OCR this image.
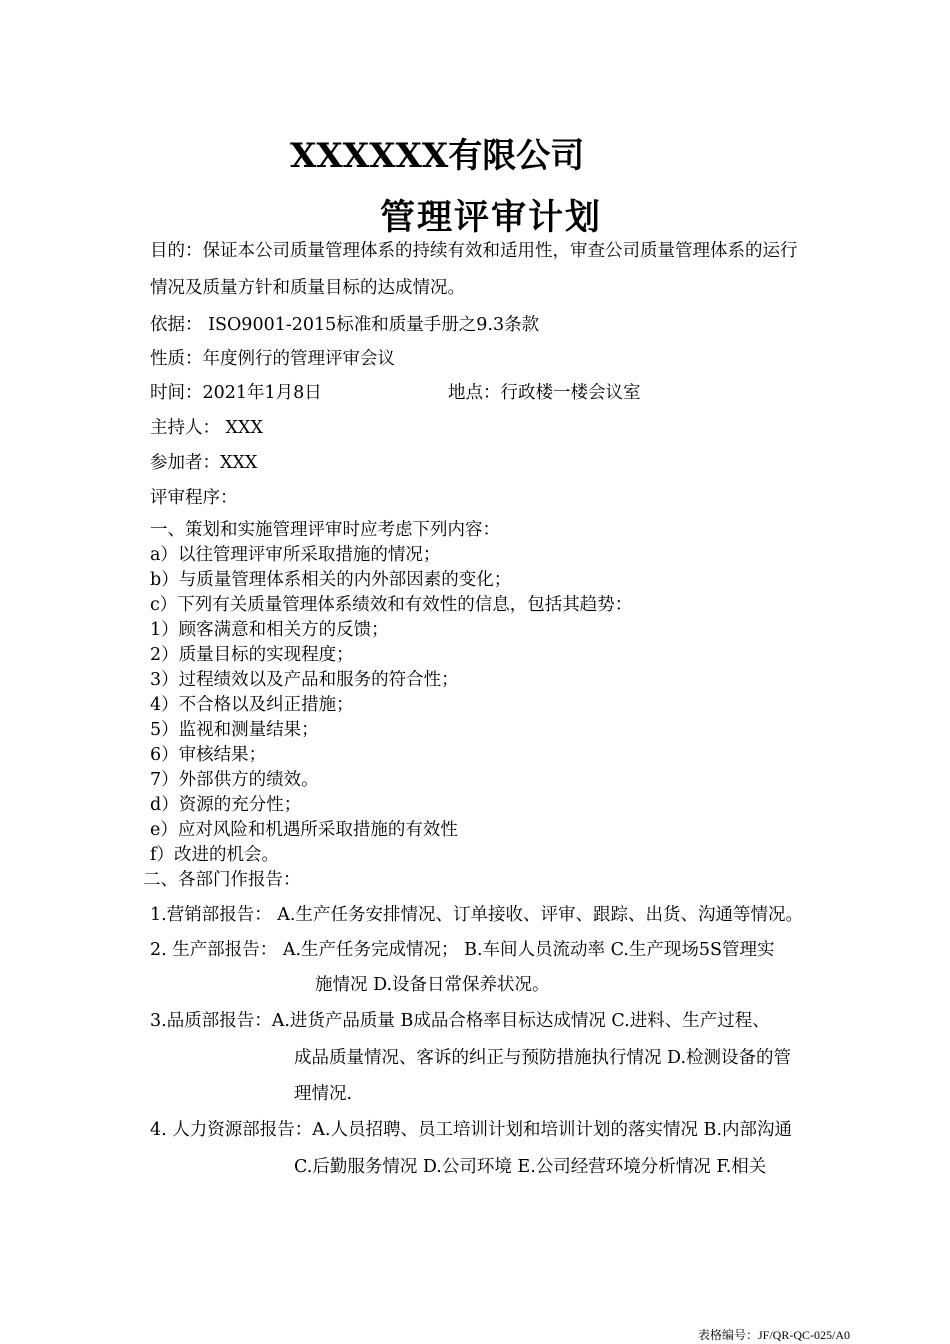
XXXXXX有限公司
管理评审计划
目的：保证本公司质量管理体系的持续有效和适用性，审查公司质量管理体系的运行
情况及质量方针和质量目标的达成情况。
依据： ISO9001-2015标准和质量手册之9.3条款
性质：年度例行的管理评审会议
时间：2021年1月8日	地点：行政楼一楼会议室
主持人： XXX
参加者：XXX
评审程序：
一、策划和实施管理评审时应考虑下列内容：
a）以往管理评审所采取措施的情况；
b）与质量管理体系相关的内外部因素的变化；
c）下列有关质量管理体系绩效和有效性的信息，包括其趋势：
1）顾客满意和相关方的反馈；
2）质量目标的实现程度；
3）过程绩效以及产品和服务的符合性；
4）不合格以及纠正措施；
5）监视和测量结果；
6）审核结果；
7）外部供方的绩效。
d）资源的充分性；
e）应对风险和机遇所采取措施的有效性
f）改进的机会。
二、各部门作报告：
1.营销部报告： A.生产任务安排情况、订单接收、评审、跟踪、出货、沟通等情况。
2. 生产部报告： A.生产任务完成情况； B.车间人员流动率 C.生产现场5S管理实
施情况 D.设备日常保养状况。
3.品质部报告：A.进货产品质量 B成品合格率目标达成情况 C.进料、生产过程、
成品质量情况、客诉的纠正与预防措施执行情况 D.检测设备的管
理情况.
4. 人力资源部报告：A.人员招聘、员工培训计划和培训计划的落实情况 B.内部沟通
C.后勤服务情况 D.公司环境 E.公司经营环境分析情况 F.相关
表格编号：JF/QR-QC-025/A0
